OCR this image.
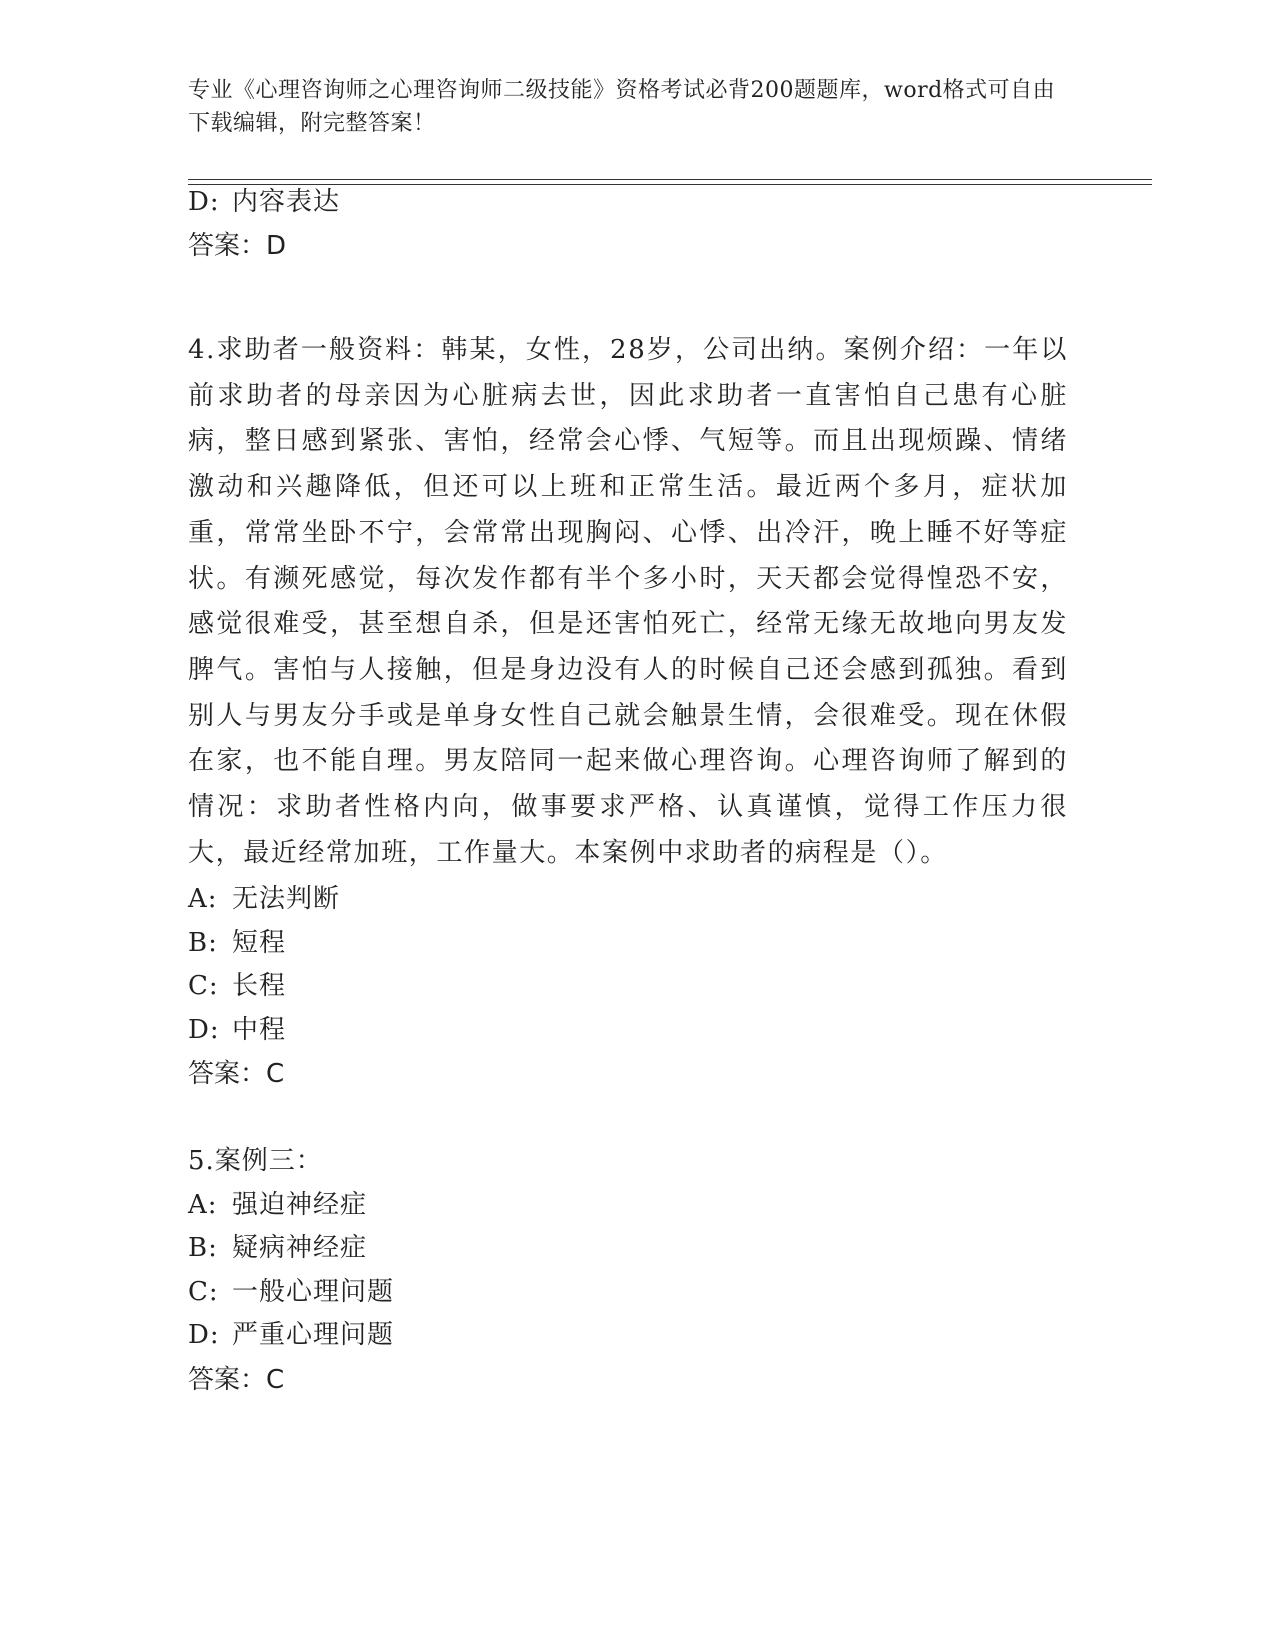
专业《心理咨询师之心理咨询师二级技能》资格考试必背200题题库，word格式可自由下载编辑，附完整答案！
D: 内容表达
答案：D
4.求助者一般资料：韩某，女性，28岁，公司出纳。案例介绍：一年以前求助者的母亲因为心脏病去世，因此求助者一直害怕自己患有心脏病，整日感到紧张、害怕，经常会心悸、气短等。而且出现烦躁、情绪激动和兴趣降低，但还可以上班和正常生活。最近两个多月，症状加重，常常坐卧不宁，会常常出现胸闷、心悸、出冷汗，晚上睡不好等症状。有濒死感觉，每次发作都有半个多小时，天天都会觉得惶恐不安，感觉很难受，甚至想自杀，但是还害怕死亡，经常无缘无故地向男友发脾气。害怕与人接触，但是身边没有人的时候自己还会感到孤独。看到别人与男友分手或是单身女性自己就会触景生情，会很难受。现在休假在家，也不能自理。男友陪同一起来做心理咨询。心理咨询师了解到的情况：求助者性格内向，做事要求严格、认真谨慎，觉得工作压力很大，最近经常加班，工作量大。本案例中求助者的病程是（）。
A: 无法判断
B: 短程
C: 长程
D: 中程
答案：C
5.案例三：
A: 强迫神经症
B: 疑病神经症
C: 一般心理问题
D: 严重心理问题
答案：C
